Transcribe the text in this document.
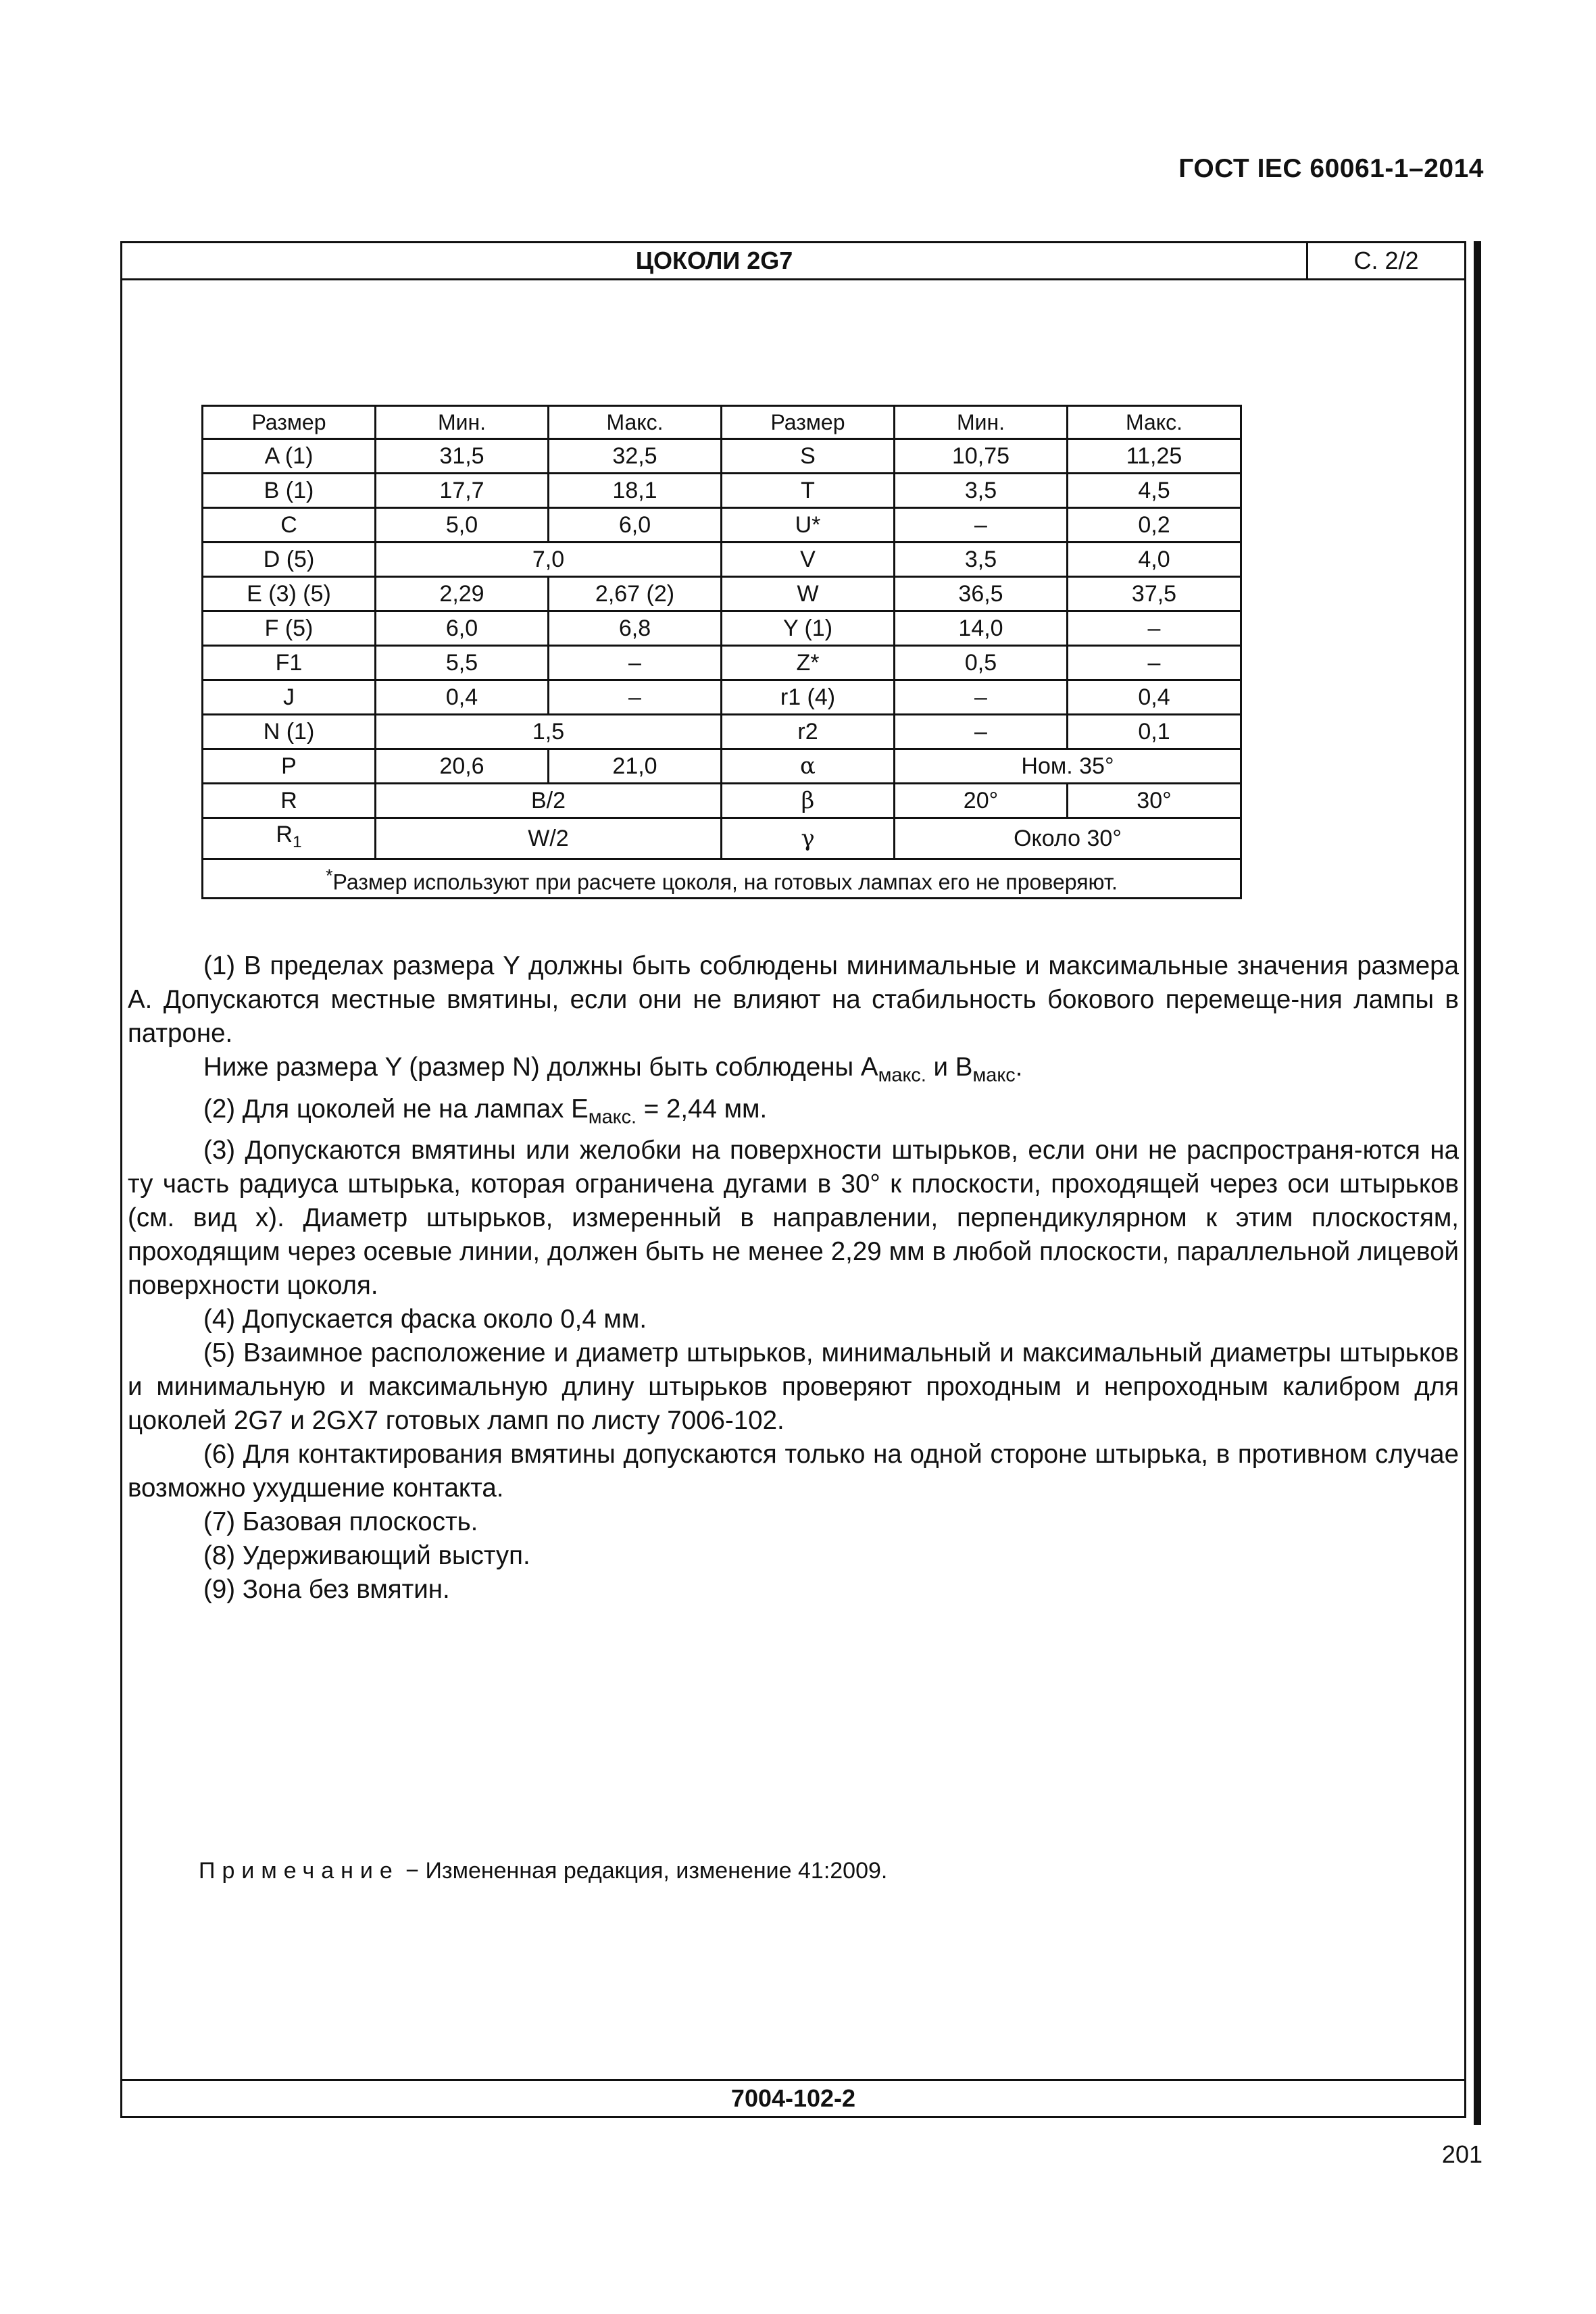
ГОСТ IEC 60061-1–2014
ЦОКОЛИ 2G7	С. 2/2
Размер	Мин.	Макс.	Размер	Мин.	Макс.
A (1)	31,5	32,5	S	10,75	11,25
B (1)	17,7	18,1	T	3,5	4,5
C	5,0	6,0	U*	–	0,2
D (5)	7,0		V	3,5	4,0
E (3) (5)	2,29	2,67 (2)	W	36,5	37,5
F (5)	6,0	6,8	Y (1)	14,0	–
F1	5,5	–	Z*	0,5	–
J	0,4	–	r1 (4)	–	0,4
N (1)	1,5		r2	–	0,1
P	20,6	21,0	α	Ном. 35°	
R	B/2		β	20°	30°
$R_1$	W/2		γ	Около 30°	
*Размер используют при расчете цоколя, на готовых лампах его не проверяют.					

(1) В пределах размера Y должны быть соблюдены минимальные и максимальные значения размера A. Допускаются местные вмятины, если они не влияют на стабильность бокового перемеще-ния лампы в патроне.

Ниже размера Y (размер N) должны быть соблюдены $A_{макс.}$ и $B_{макс}$.

(2) Для цоколей не на лампах $E_{макс.} = 2,44$ мм.

(3) Допускаются вмятины или желобки на поверхности штырьков, если они не распространя-ются на ту часть радиуса штырька, которая ограничена дугами в 30° к плоскости, проходящей через оси штырьков (см. вид x). Диаметр штырьков, измеренный в направлении, перпендикулярном к этим плоскостям, проходящим через осевые линии, должен быть не менее 2,29 мм в любой плоскости, параллельной лицевой поверхности цоколя.

(4) Допускается фаска около 0,4 мм.

(5) Взаимное расположение и диаметр штырьков, минимальный и максимальный диаметры штырьков и минимальную и максимальную длину штырьков проверяют проходным и непроходным калибром для цоколей 2G7 и 2GX7 готовых ламп по листу 7006-102.

(6) Для контактирования вмятины допускаются только на одной стороне штырька, в противном случае возможно ухудшение контакта.

(7) Базовая плоскость.

(8) Удерживающий выступ.

(9) Зона без вмятин.

Примечание − Измененная редакция, изменение 41:2009.
7004-102-2
201
